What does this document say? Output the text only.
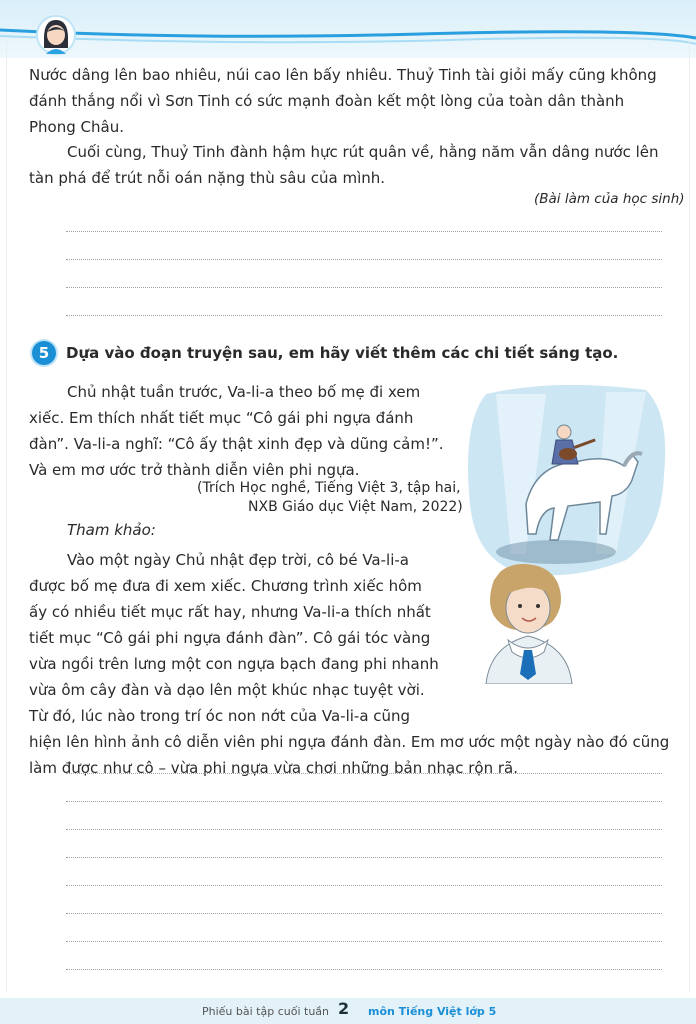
Nước dâng lên bao nhiêu, núi cao lên bấy nhiêu. Thuỷ Tinh tài giỏi mấy cũng không
đánh thắng nổi vì Sơn Tinh có sức mạnh đoàn kết một lòng của toàn dân thành
Phong Châu.
Cuối cùng, Thuỷ Tinh đành hậm hực rút quân về, hằng năm vẫn dâng nước lên
tàn phá để trút nỗi oán nặng thù sâu của mình.
(Bài làm của học sinh)
5	Dựa vào đoạn truyện sau, em hãy viết thêm các chi tiết sáng tạo.
Chủ nhật tuần trước, Va-li-a theo bố mẹ đi xem
xiếc. Em thích nhất tiết mục “Cô gái phi ngựa đánh
đàn”. Va-li-a nghĩ: “Cô ấy thật xinh đẹp và dũng cảm!”.
Và em mơ ước trở thành diễn viên phi ngựa.
(Trích Học nghề, Tiếng Việt 3, tập hai,
NXB Giáo dục Việt Nam, 2022)
Tham khảo:
Vào một ngày Chủ nhật đẹp trời, cô bé Va-li-a
được bố mẹ đưa đi xem xiếc. Chương trình xiếc hôm
ấy có nhiều tiết mục rất hay, nhưng Va-li-a thích nhất
tiết mục “Cô gái phi ngựa đánh đàn”. Cô gái tóc vàng
vừa ngồi trên lưng một con ngựa bạch đang phi nhanh
vừa ôm cây đàn và dạo lên một khúc nhạc tuyệt vời.
Từ đó, lúc nào trong trí óc non nớt của Va-li-a cũng
hiện lên hình ảnh cô diễn viên phi ngựa đánh đàn. Em mơ ước một ngày nào đó cũng
làm được như cô – vừa phi ngựa vừa chơi những bản nhạc rộn rã.
Phiếu bài tập cuối tuần 2 môn Tiếng Việt lớp 5
